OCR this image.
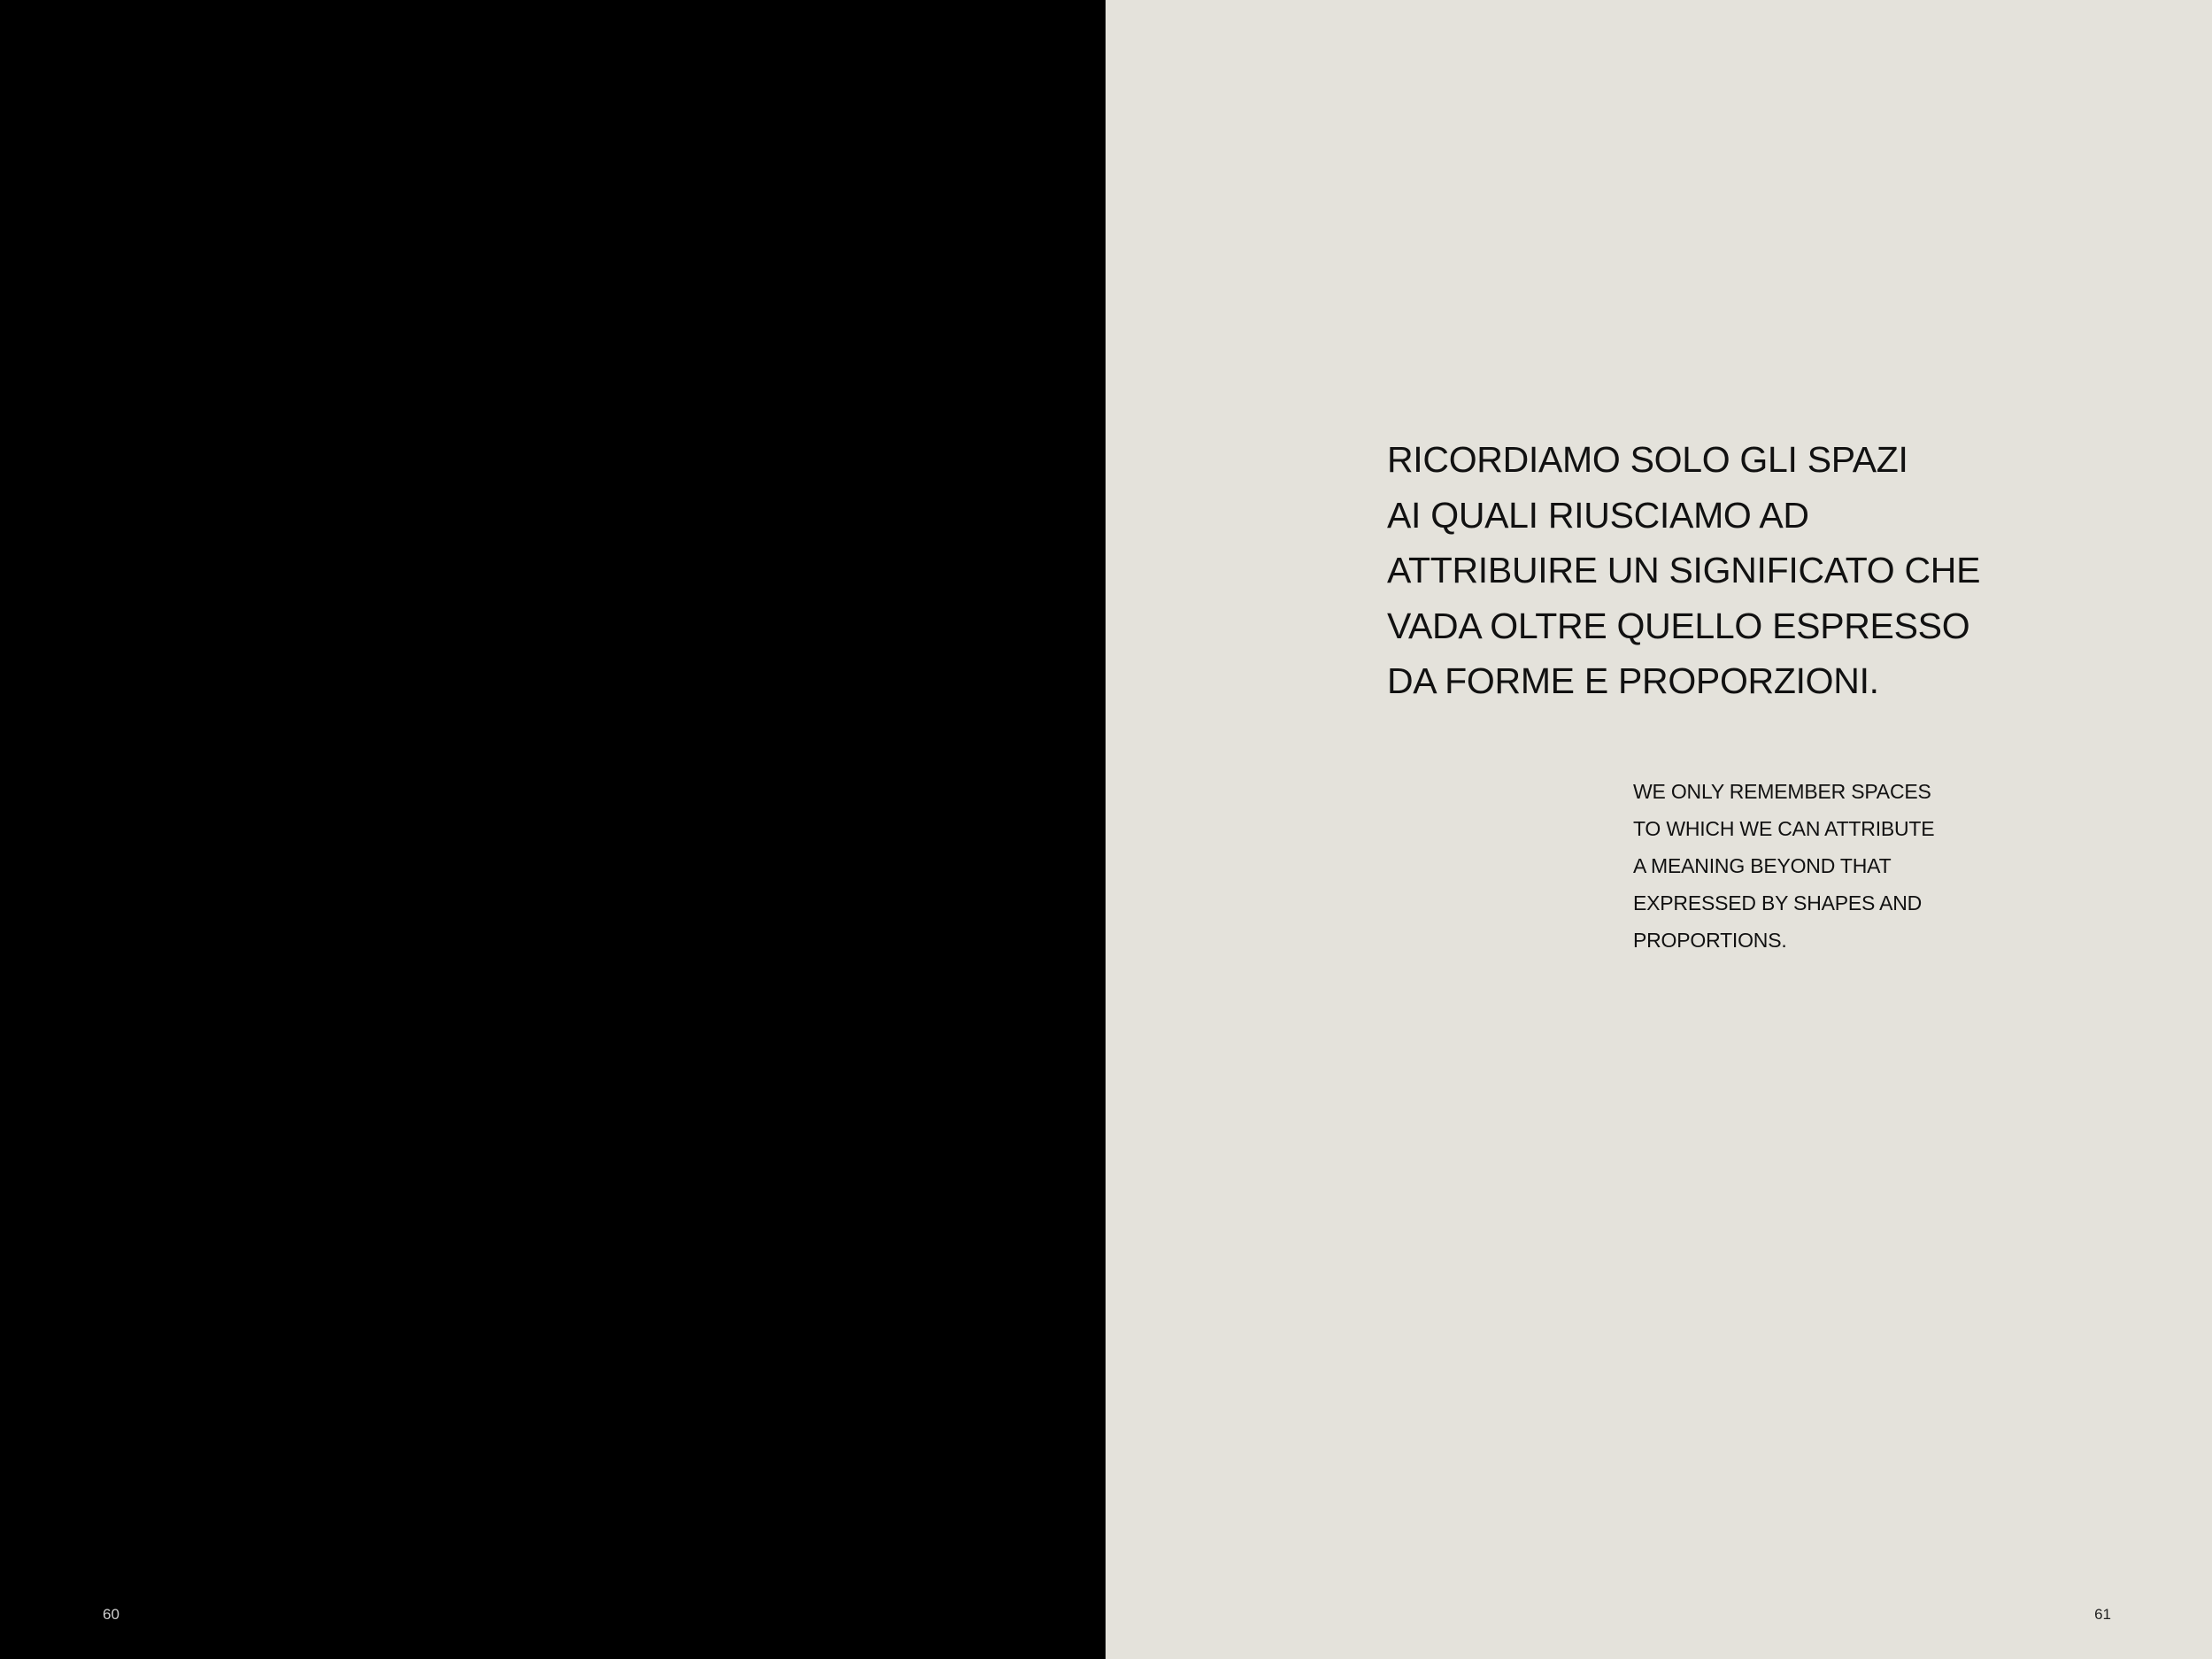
60

RICORDIAMO SOLO GLI SPAZI
AI QUALI RIUSCIAMO AD
ATTRIBUIRE UN SIGNIFICATO CHE
VADA OLTRE QUELLO ESPRESSO
DA FORME E PROPORZIONI.

WE ONLY REMEMBER SPACES
TO WHICH WE CAN ATTRIBUTE
A MEANING BEYOND THAT
EXPRESSED BY SHAPES AND
PROPORTIONS.

61
